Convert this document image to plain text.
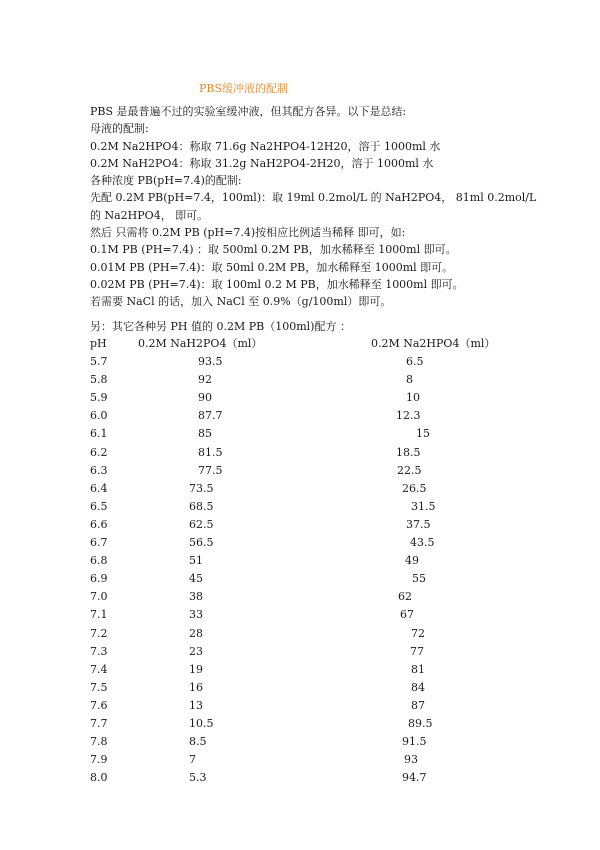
PBS缓冲液的配制
PBS 是最普遍不过的实验室缓冲液，但其配方各异。以下是总结:
母液的配制:
0.2M Na2HPO4：称取 71.6g Na2HPO4-12H20，溶于 1000ml 水
0.2M NaH2PO4：称取 31.2g NaH2PO4-2H20，溶于 1000ml 水
各种浓度 PB(pH=7.4)的配制:
先配 0.2M PB(pH=7.4，100ml)：取 19ml 0.2mol/L 的 NaH2PO4， 81ml 0.2mol/L
的 Na2HPO4， 即可。
然后 只需将 0.2M PB (pH=7.4)按相应比例适当稀释 即可，如:
0.1M PB (PH=7.4) ：取 500ml 0.2M PB，加水稀释至 1000ml 即可。
0.01M PB (PH=7.4)：取 50ml 0.2M PB，加水稀释至 1000ml 即可。
0.02M PB (PH=7.4)：取 100ml 0.2 M PB，加水稀释至 1000ml 即可。
若需要 NaCl 的话，加入 NaCl 至 0.9%（g/100ml）即可。
另：其它各种另 PH 值的 0.2M PB（100ml)配方 ：
pH	0.2M NaH2PO4（ml）	0.2M Na2HPO4（ml）
5.7	93.5	6.5
5.8	92	8
5.9	90	10
6.0	87.7	12.3
6.1	85	15
6.2	81.5	18.5
6.3	77.5	22.5
6.4	73.5	26.5
6.5	68.5	31.5
6.6	62.5	37.5
6.7	56.5	43.5
6.8	51	49
6.9	45	55
7.0	38	62
7.1	33	67
7.2	28	72
7.3	23	77
7.4	19	81
7.5	16	84
7.6	13	87
7.7	10.5	89.5
7.8	8.5	91.5
7.9	7	93
8.0	5.3	94.7
